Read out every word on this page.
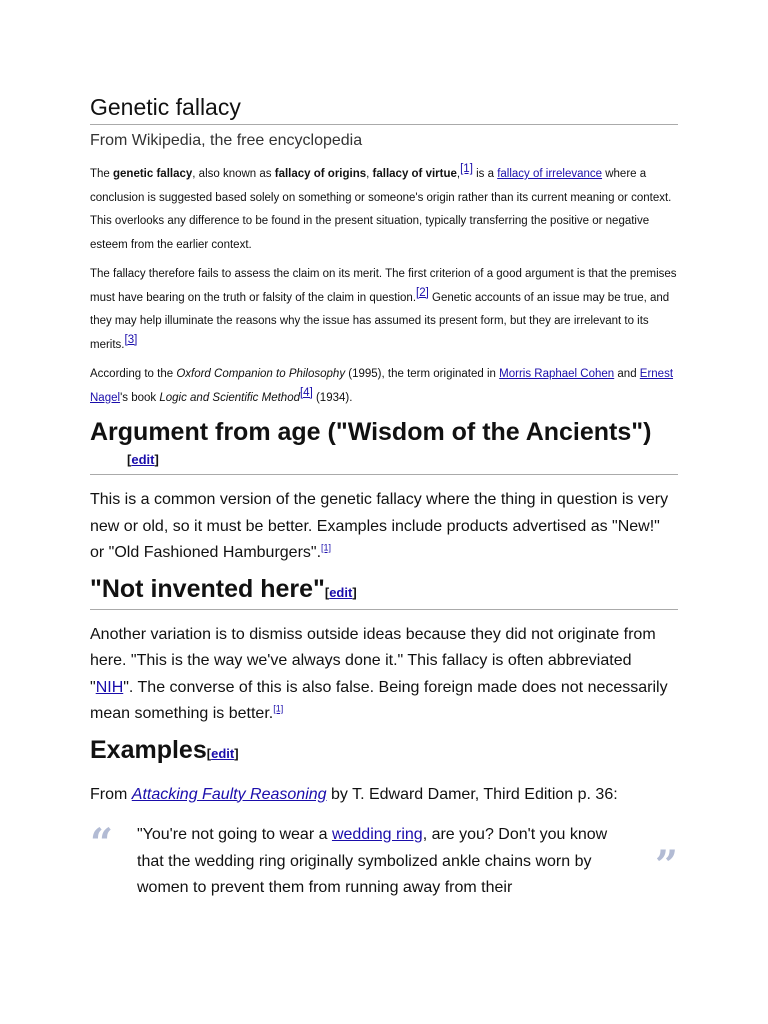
Genetic fallacy
From Wikipedia, the free encyclopedia

The genetic fallacy, also known as fallacy of origins, fallacy of virtue,[1] is a fallacy of irrelevance where a conclusion is suggested based solely on something or someone's origin rather than its current meaning or context. This overlooks any difference to be found in the present situation, typically transferring the positive or negative esteem from the earlier context.

The fallacy therefore fails to assess the claim on its merit. The first criterion of a good argument is that the premises must have bearing on the truth or falsity of the claim in question.[2] Genetic accounts of an issue may be true, and they may help illuminate the reasons why the issue has assumed its present form, but they are irrelevant to its merits.[3]

According to the Oxford Companion to Philosophy (1995), the term originated in Morris Raphael Cohen and Ernest Nagel's book Logic and Scientific Method[4] (1934).

Argument from age ("Wisdom of the Ancients")
[edit]

This is a common version of the genetic fallacy where the thing in question is very new or old, so it must be better. Examples include products advertised as "New!" or "Old Fashioned Hamburgers".[1]

"Not invented here"[edit]

Another variation is to dismiss outside ideas because they did not originate from here. "This is the way we've always done it." This fallacy is often abbreviated "NIH". The converse of this is also false. Being foreign made does not necessarily mean something is better.[1]

Examples[edit]

From Attacking Faulty Reasoning by T. Edward Damer, Third Edition p. 36:

“	”

"You're not going to wear a wedding ring, are you? Don't you know that the wedding ring originally symbolized ankle chains worn by women to prevent them from running away from their
